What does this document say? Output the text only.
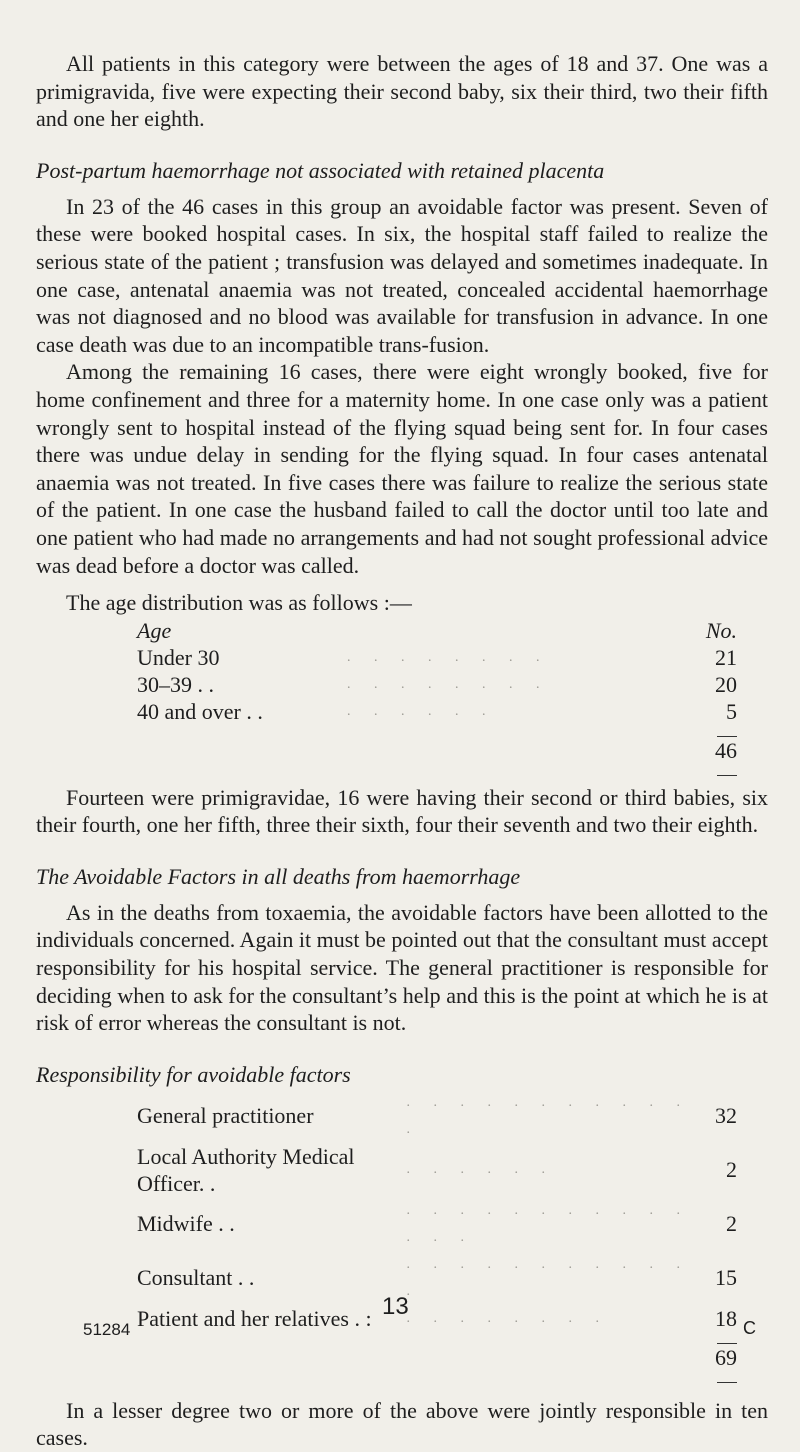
All patients in this category were between the ages of 18 and 37. One was a primigravida, five were expecting their second baby, six their third, two their fifth and one her eighth.

Post-partum haemorrhage not associated with retained placenta

In 23 of the 46 cases in this group an avoidable factor was present. Seven of these were booked hospital cases. In six, the hospital staff failed to realize the serious state of the patient ; transfusion was delayed and sometimes inadequate. In one case, antenatal anaemia was not treated, concealed accidental haemorrhage was not diagnosed and no blood was available for transfusion in advance. In one case death was due to an incompatible trans-fusion.

Among the remaining 16 cases, there were eight wrongly booked, five for home confinement and three for a maternity home. In one case only was a patient wrongly sent to hospital instead of the flying squad being sent for. In four cases there was undue delay in sending for the flying squad. In four cases antenatal anaemia was not treated. In five cases there was failure to realize the serious state of the patient. In one case the husband failed to call the doctor until too late and one patient who had made no arrangements and had not sought professional advice was dead before a doctor was called.

The age distribution was as follows :—

Age		No.
Under 30	. . . . . . . .	21
30–39 . .	. . . . . . . .	20
40 and over . .	. . . . . .	5

		46

Fourteen were primigravidae, 16 were having their second or third babies, six their fourth, one her fifth, three their sixth, four their seventh and two their eighth.

The Avoidable Factors in all deaths from haemorrhage

As in the deaths from toxaemia, the avoidable factors have been allotted to the individuals concerned. Again it must be pointed out that the consultant must accept responsibility for his hospital service. The general practitioner is responsible for deciding when to ask for the consultant’s help and this is the point at which he is at risk of error whereas the consultant is not.

Responsibility for avoidable factors
General practitioner	. . . . . . . . . . . .	32
Local Authority Medical Officer. .	. . . . . .	2
Midwife . .	. . . . . . . . . . . . . .	2
Consultant . .	. . . . . . . . . . . .	15
Patient and her relatives . :	. . . . . . . .	18

		69

In a lesser degree two or more of the above were jointly responsible in ten cases.

13
51284	C
